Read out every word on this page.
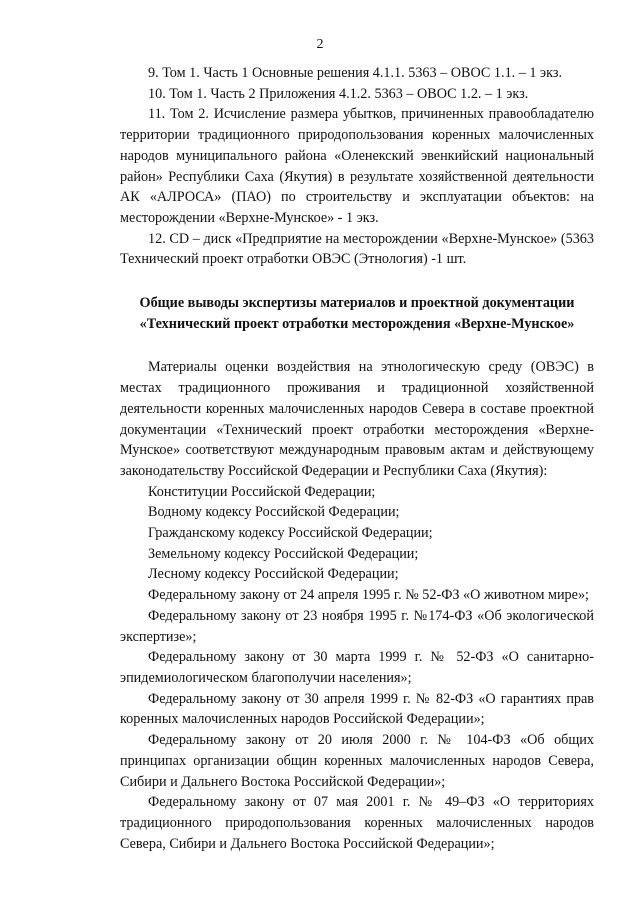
2

9. Том 1. Часть 1 Основные решения 4.1.1. 5363 – ОВОС 1.1. – 1 экз.

10. Том 1. Часть 2 Приложения 4.1.2. 5363 – ОВОС 1.2. – 1 экз.

11. Том 2. Исчисление размера убытков, причиненных правообладателю территории традиционного природопользования коренных малочисленных народов муниципального района «Оленекский эвенкийский национальный район» Республики Саха (Якутия) в результате хозяйственной деятельности АК «АЛРОСА» (ПАО) по строительству и эксплуатации объектов: на месторождении «Верхне-Мунское» - 1 экз.

12. CD – диск «Предприятие на месторождении «Верхне-Мунское» (5363 Технический проект отработки ОВЭС (Этнология) -1 шт.

Общие выводы экспертизы материалов и проектной документации

«Технический проект отработки месторождения «Верхне-Мунское»

Материалы оценки воздействия на этнологическую среду (ОВЭС) в местах традиционного проживания и традиционной хозяйственной деятельности коренных малочисленных народов Севера в составе проектной документации «Технический проект отработки месторождения «Верхне-Мунское» соответствуют международным правовым актам и действующему законодательству Российской Федерации и Республики Саха (Якутия):

Конституции Российской Федерации;

Водному кодексу Российской Федерации;

Гражданскому кодексу Российской Федерации;

Земельному кодексу Российской Федерации;

Лесному кодексу Российской Федерации;

Федеральному закону от 24 апреля 1995 г. № 52-ФЗ «О животном мире»;

Федеральному закону от 23 ноября 1995 г. №174-ФЗ «Об экологической экспертизе»;

Федеральному закону от 30 марта 1999 г. № 52-ФЗ «О санитарно-эпидемиологическом благополучии населения»;

Федеральному закону от 30 апреля 1999 г. № 82-ФЗ «О гарантиях прав коренных малочисленных народов Российской Федерации»;

Федеральному закону от 20 июля 2000 г. № 104-ФЗ «Об общих принципах организации общин коренных малочисленных народов Севера, Сибири и Дальнего Востока Российской Федерации»;

Федеральному закону от 07 мая 2001 г. № 49–ФЗ «О территориях традиционного природопользования коренных малочисленных народов Севера, Сибири и Дальнего Востока Российской Федерации»;
